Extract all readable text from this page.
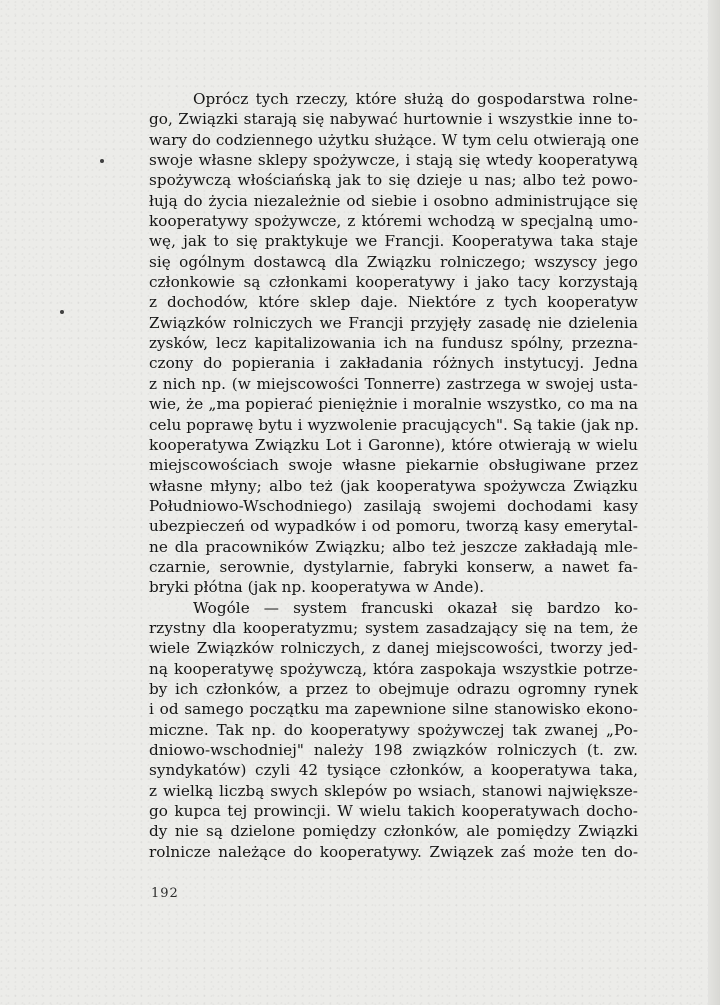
Oprócz tych rzeczy, które służą do gospodarstwa rolne-
go, Związki starają się nabywać hurtownie i wszystkie inne to-
wary do codziennego użytku służące. W tym celu otwierają one
swoje własne sklepy spożywcze, i stają się wtedy kooperatywą
spożywczą włościańską jak to się dzieje u nas; albo też powo-
łują do życia niezależnie od siebie i osobno administrujące się
kooperatywy spożywcze, z któremi wchodzą w specjalną umo-
wę, jak to się praktykuje we Francji. Kooperatywa taka staje
się ogólnym dostawcą dla Związku rolniczego; wszyscy jego
członkowie są członkami kooperatywy i jako tacy korzystają
z dochodów, które sklep daje. Niektóre z tych kooperatyw
Związków rolniczych we Francji przyjęły zasadę nie dzielenia
zysków, lecz kapitalizowania ich na fundusz spólny, przezna-
czony do popierania i zakładania różnych instytucyj. Jedna
z nich np. (w miejscowości Tonnerre) zastrzega w swojej usta-
wie, że „ma popierać pieniężnie i moralnie wszystko, co ma na
celu poprawę bytu i wyzwolenie pracujących". Są takie (jak np.
kooperatywa Związku Lot i Garonne), które otwierają w wielu
miejscowościach swoje własne piekarnie obsługiwane przez
własne młyny; albo też (jak kooperatywa spożywcza Związku
Południowo-Wschodniego) zasilają swojemi dochodami kasy
ubezpieczeń od wypadków i od pomoru, tworzą kasy emerytal-
ne dla pracowników Związku; albo też jeszcze zakładają mle-
czarnie, serownie, dystylarnie, fabryki konserw, a nawet fa-
bryki płótna (jak np. kooperatywa w Ande).
Wogóle — system francuski okazał się bardzo ko-
rzystny dla kooperatyzmu; system zasadzający się na tem, że
wiele Związków rolniczych, z danej miejscowości, tworzy jed-
ną kooperatywę spożywczą, która zaspokaja wszystkie potrze-
by ich członków, a przez to obejmuje odrazu ogromny rynek
i od samego początku ma zapewnione silne stanowisko ekono-
miczne. Tak np. do kooperatywy spożywczej tak zwanej „Po-
dniowo-wschodniej" należy 198 związków rolniczych (t. zw.
syndykatów) czyli 42 tysiące członków, a kooperatywa taka,
z wielką liczbą swych sklepów po wsiach, stanowi największe-
go kupca tej prowincji. W wielu takich kooperatywach docho-
dy nie są dzielone pomiędzy członków, ale pomiędzy Związki
rolnicze należące do kooperatywy. Związek zaś może ten do-
192
